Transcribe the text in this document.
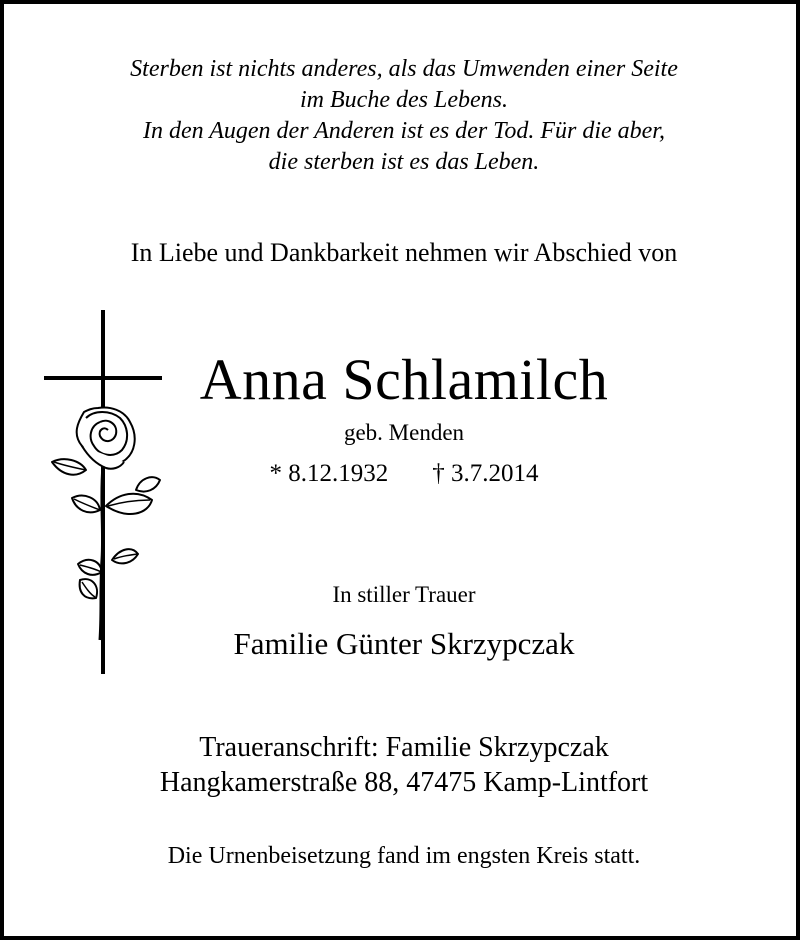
Sterben ist nichts anderes, als das Umwenden einer Seite
im Buche des Lebens.
In den Augen der Anderen ist es der Tod. Für die aber,
die sterben ist es das Leben.
In Liebe und Dankbarkeit nehmen wir Abschied von
Anna Schlamilch
geb. Menden
* 8.12.1932 † 3.7.2014
In stiller Trauer
Familie Günter Skrzypczak
Traueranschrift: Familie Skrzypczak
Hangkamerstraße 88, 47475 Kamp-Lintfort
Die Urnenbeisetzung fand im engsten Kreis statt.
